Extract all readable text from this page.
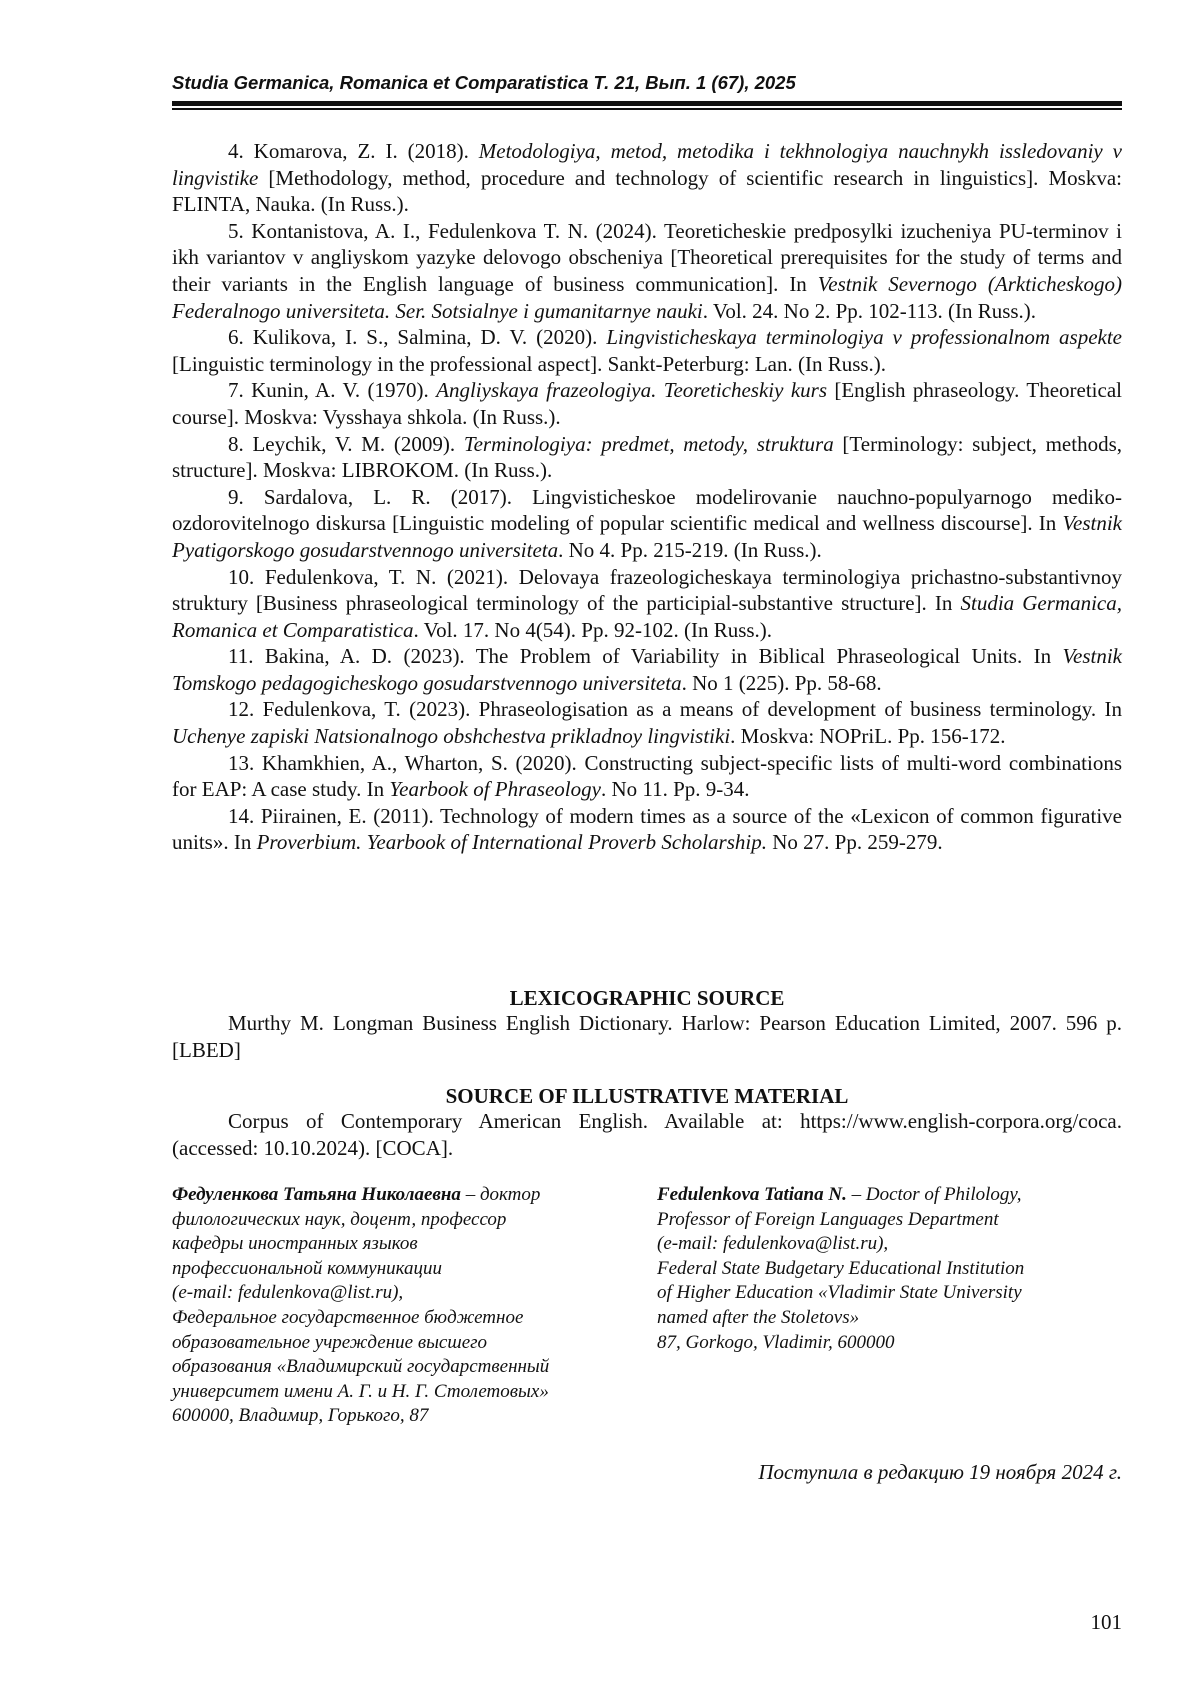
Studia Germanica, Romanica et Comparatistica Т. 21, Вып. 1 (67), 2025

4. Komarova, Z. I. (2018). Metodologiya, metod, metodika i tekhnologiya nauchnykh issledovaniy v lingvistike [Methodology, method, procedure and technology of scientific research in linguistics]. Moskva: FLINTA, Nauka. (In Russ.).

5. Kontanistova, A. I., Fedulenkova T. N. (2024). Teoreticheskie predposylki izucheniya PU-terminov i ikh variantov v angliyskom yazyke delovogo obscheniya [Theoretical prerequisites for the study of terms and their variants in the English language of business communication]. In Vestnik Severnogo (Arkticheskogo) Federalnogo universiteta. Ser. Sotsialnye i gumanitarnye nauki. Vol. 24. No 2. Pp. 102-113. (In Russ.).

6. Kulikova, I. S., Salmina, D. V. (2020). Lingvisticheskaya terminologiya v professionalnom aspekte [Linguistic terminology in the professional aspect]. Sankt-Peterburg: Lan. (In Russ.).

7. Kunin, A. V. (1970). Angliyskaya frazeologiya. Teoreticheskiy kurs [English phraseology. Theoretical course]. Moskva: Vysshaya shkola. (In Russ.).

8. Leychik, V. M. (2009). Terminologiya: predmet, metody, struktura [Terminology: subject, methods, structure]. Moskva: LIBROKOM. (In Russ.).

9. Sardalova, L. R. (2017). Lingvisticheskoe modelirovanie nauchno-populyarnogo mediko-ozdorovitelnogo diskursa [Linguistic modeling of popular scientific medical and wellness discourse]. In Vestnik Pyatigorskogo gosudarstvennogo universiteta. No 4. Pp. 215-219. (In Russ.).

10. Fedulenkova, T. N. (2021). Delovaya frazeologicheskaya terminologiya prichastno-substantivnoy struktury [Business phraseological terminology of the participial-substantive structure]. In Studia Germanica, Romanica et Comparatistica. Vol. 17. No 4(54). Pp. 92-102. (In Russ.).

11. Bakina, A. D. (2023). The Problem of Variability in Biblical Phraseological Units. In Vestnik Tomskogo pedagogicheskogo gosudarstvennogo universiteta. No 1 (225). Pp. 58-68.

12. Fedulenkova, T. (2023). Phraseologisation as a means of development of business terminology. In Uchenye zapiski Natsionalnogo obshchestva prikladnoy lingvistiki. Moskva: NOPriL. Pp. 156-172.

13. Khamkhien, A., Wharton, S. (2020). Constructing subject-specific lists of multi-word combinations for EAP: A case study. In Yearbook of Phraseology. No 11. Pp. 9-34.

14. Piirainen, E. (2011). Technology of modern times as a source of the «Lexicon of common figurative units». In Proverbium. Yearbook of International Proverb Scholarship. No 27. Pp. 259-279.

LEXICOGRAPHIC SOURCE

Murthy M. Longman Business English Dictionary. Harlow: Pearson Education Limited, 2007. 596 p. [LBED]

SOURCE OF ILLUSTRATIVE MATERIAL

Corpus of Contemporary American English. Available at: https://www.english-corpora.org/coca. (accessed: 10.10.2024). [COCA].

Федуленкова Татьяна Николаевна – доктор
филологических наук, доцент, профессор
кафедры иностранных языков
профессиональной коммуникации
(e-mail: fedulenkova@list.ru),
Федеральное государственное бюджетное
образовательное учреждение высшего
образования «Владимирский государственный
университет имени А. Г. и Н. Г. Столетовых»
600000, Владимир, Горького, 87
Fedulenkova Tatiana N. – Doctor of Philology,
Professor of Foreign Languages Department
(e-mail: fedulenkova@list.ru),
Federal State Budgetary Educational Institution
of Higher Education «Vladimir State University
named after the Stoletovs»
87, Gorkogo, Vladimir, 600000
Поступила в редакцию 19 ноября 2024 г.
101
